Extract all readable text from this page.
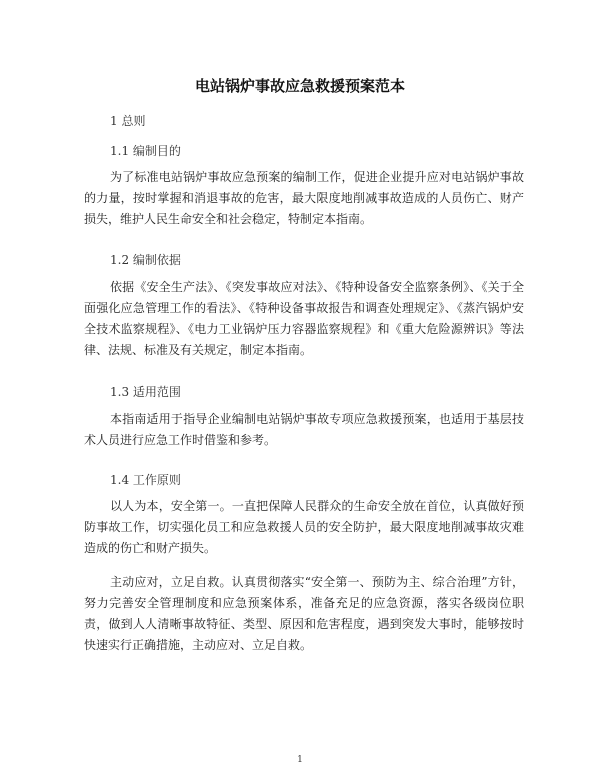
电站锅炉事故应急救援预案范本
1 总则
1.1 编制目的
为了标准电站锅炉事故应急预案的编制工作，促进企业提升应对电站锅炉事故的力量，按时掌握和消退事故的危害，最大限度地削减事故造成的人员伤亡、财产损失，维护人民生命安全和社会稳定，特制定本指南。
1.2 编制依据
依据《安全生产法》、《突发事故应对法》、《特种设备安全监察条例》、《关于全面强化应急管理工作的看法》、《特种设备事故报告和调查处理规定》、《蒸汽锅炉安全技术监察规程》、《电力工业锅炉压力容器监察规程》和《重大危险源辨识》等法律、法规、标准及有关规定，制定本指南。
1.3 适用范围
本指南适用于指导企业编制电站锅炉事故专项应急救援预案，也适用于基层技术人员进行应急工作时借鉴和参考。
1.4 工作原则
以人为本，安全第一。一直把保障人民群众的生命安全放在首位，认真做好预防事故工作，切实强化员工和应急救援人员的安全防护，最大限度地削减事故灾难造成的伤亡和财产损失。
主动应对，立足自救。认真贯彻落实“安全第一、预防为主、综合治理”方针，努力完善安全管理制度和应急预案体系，准备充足的应急资源，落实各级岗位职责，做到人人清晰事故特征、类型、原因和危害程度，遇到突发大事时，能够按时快速实行正确措施，主动应对、立足自救。
1
